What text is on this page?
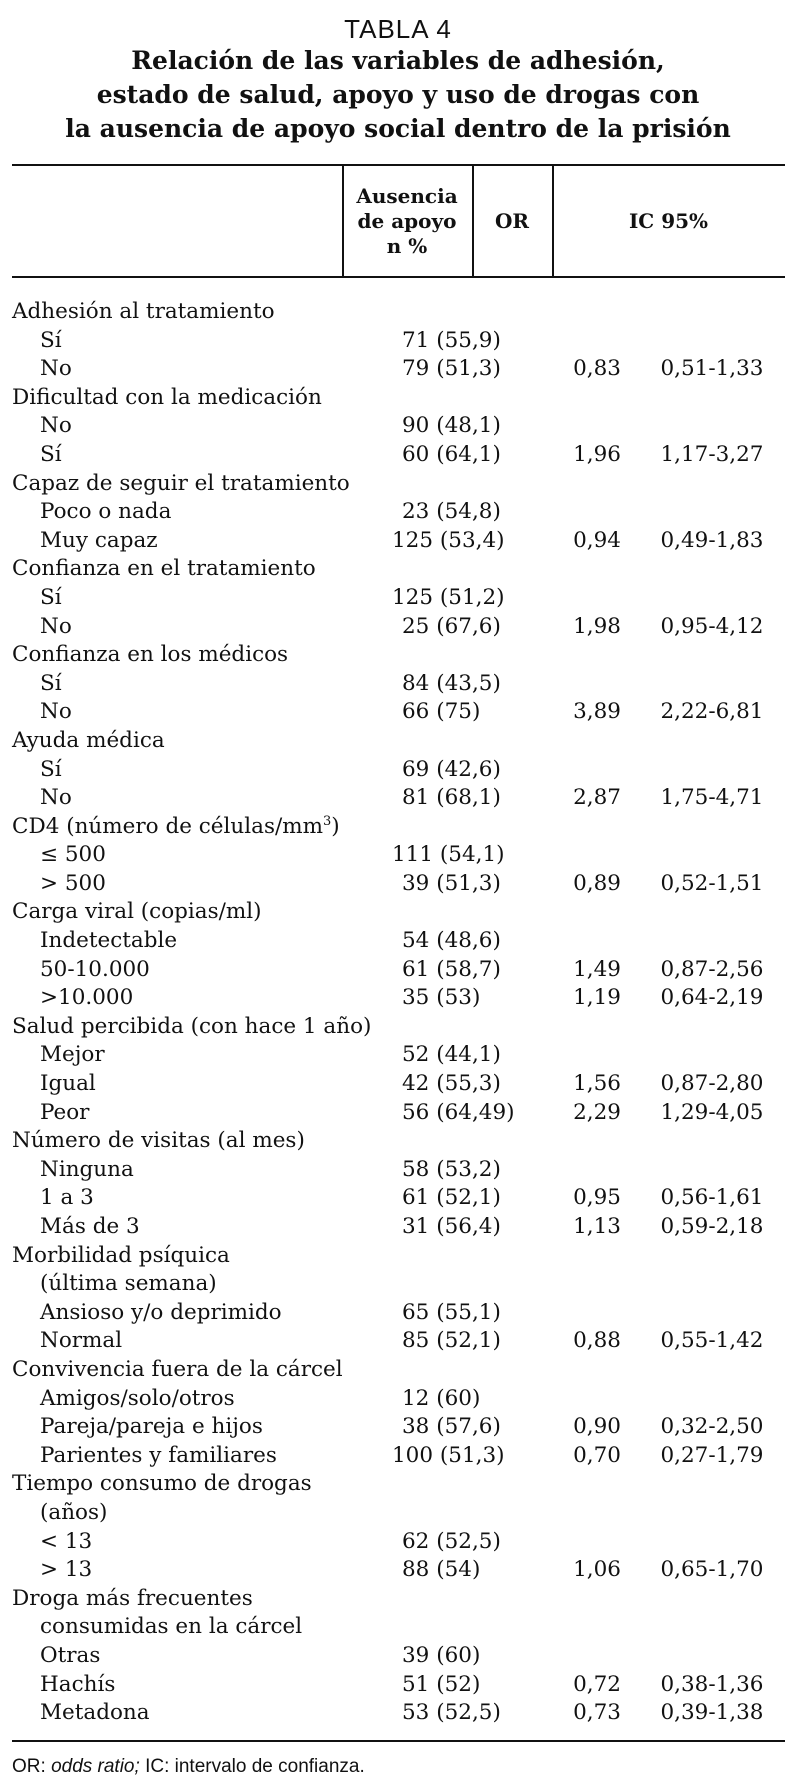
TABLA 4
Relación de las variables de adhesión,
estado de salud, apoyo y uso de drogas con
la ausencia de apoyo social dentro de la prisión
Ausencia
de apoyo
n %
OR	IC 95%
Adhesión al tratamiento
Sí	71 (55,9)
No	79 (51,3)	0,83	0,51-1,33
Dificultad con la medicación
No	90 (48,1)
Sí	60 (64,1)	1,96	1,17-3,27
Capaz de seguir el tratamiento
Poco o nada	23 (54,8)
Muy capaz	125 (53,4)	0,94	0,49-1,83
Confianza en el tratamiento
Sí	125 (51,2)
No	25 (67,6)	1,98	0,95-4,12
Confianza en los médicos
Sí	84 (43,5)
No	66 (75)	3,89	2,22-6,81
Ayuda médica
Sí	69 (42,6)
No	81 (68,1)	2,87	1,75-4,71
CD4 (número de células/$mm^3$)
≤ 500	111 (54,1)
> 500	39 (51,3)	0,89	0,52-1,51
Carga viral (copias/ml)
Indetectable	54 (48,6)
50-10.000	61 (58,7)	1,49	0,87-2,56
>10.000	35 (53)	1,19	0,64-2,19
Salud percibida (con hace 1 año)
Mejor	52 (44,1)
Igual	42 (55,3)	1,56	0,87-2,80
Peor	56 (64,49)	2,29	1,29-4,05
Número de visitas (al mes)
Ninguna	58 (53,2)
1 a 3	61 (52,1)	0,95	0,56-1,61
Más de 3	31 (56,4)	1,13	0,59-2,18
Morbilidad psíquica
(última semana)
Ansioso y/o deprimido	65 (55,1)
Normal	85 (52,1)	0,88	0,55-1,42
Convivencia fuera de la cárcel
Amigos/solo/otros	12 (60)
Pareja/pareja e hijos	38 (57,6)	0,90	0,32-2,50
Parientes y familiares	100 (51,3)	0,70	0,27-1,79
Tiempo consumo de drogas
(años)
< 13	62 (52,5)
> 13	88 (54)	1,06	0,65-1,70
Droga más frecuentes
consumidas en la cárcel
Otras	39 (60)
Hachís	51 (52)	0,72	0,38-1,36
Metadona	53 (52,5)	0,73	0,39-1,38
OR: odds ratio; IC: intervalo de confianza.
